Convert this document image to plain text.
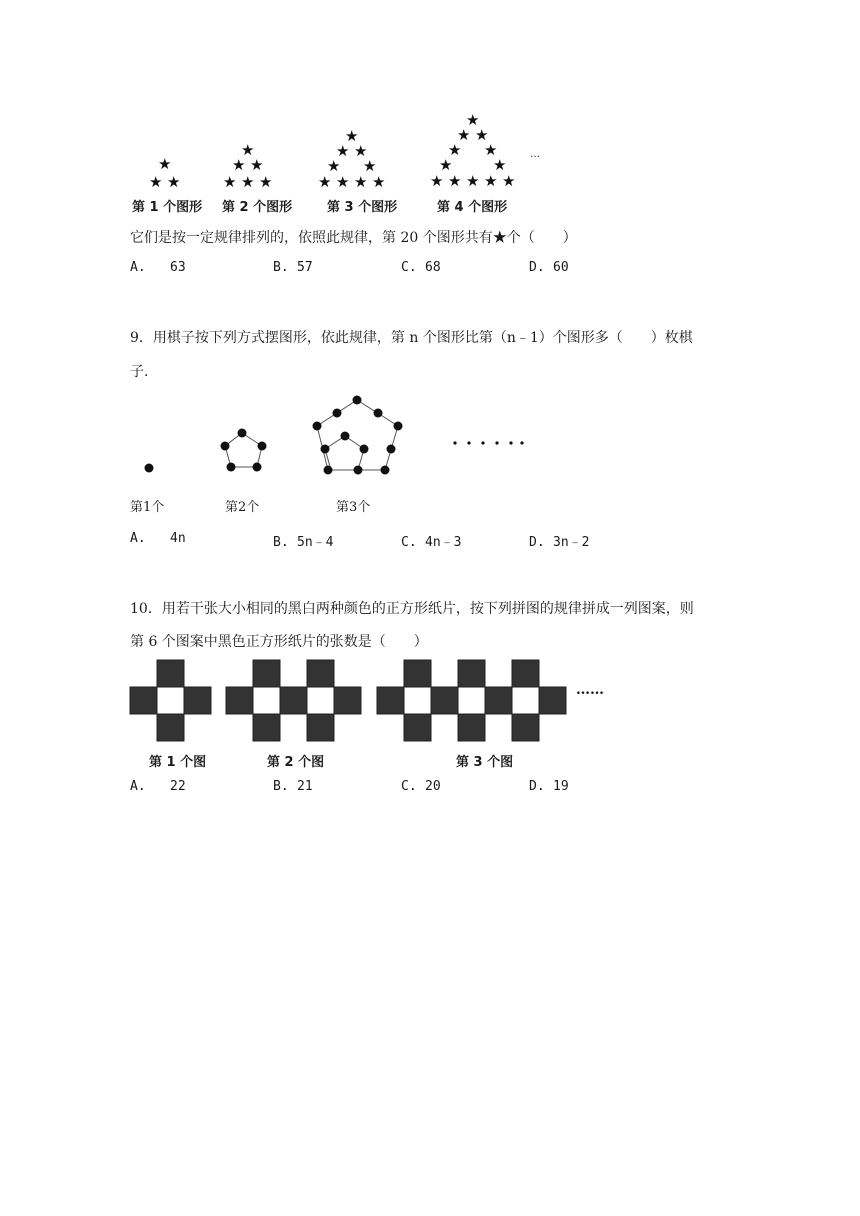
★
★ ★
★
★ ★
★ ★ ★
★
★ ★
★ ★
★ ★ ★ ★
★
★ ★
★ ★
★	★
★ ★ ★ ★ ★
…
第 1 个图形 第 2 个图形	第 3 个图形	第 4 个图形
它们是按一定规律排列的，依照此规律，第 20 个图形共有★个（　　）
A. 63	B. 57	C. 68	D. 60
9．用棋子按下列方式摆图形，依此规律，第 n 个图形比第（n﹣1）个图形多（　　）枚棋
子.
第1个	第2个	第3个
A. 4n	B. 5n﹣4	C. 4n﹣3	D. 3n﹣2
10．用若干张大小相同的黑白两种颜色的正方形纸片，按下列拼图的规律拼成一列图案，则
第 6 个图案中黑色正方形纸片的张数是（　　）
……
第 1 个图	第 2 个图	第 3 个图
A. 22	B. 21	C. 20	D. 19
